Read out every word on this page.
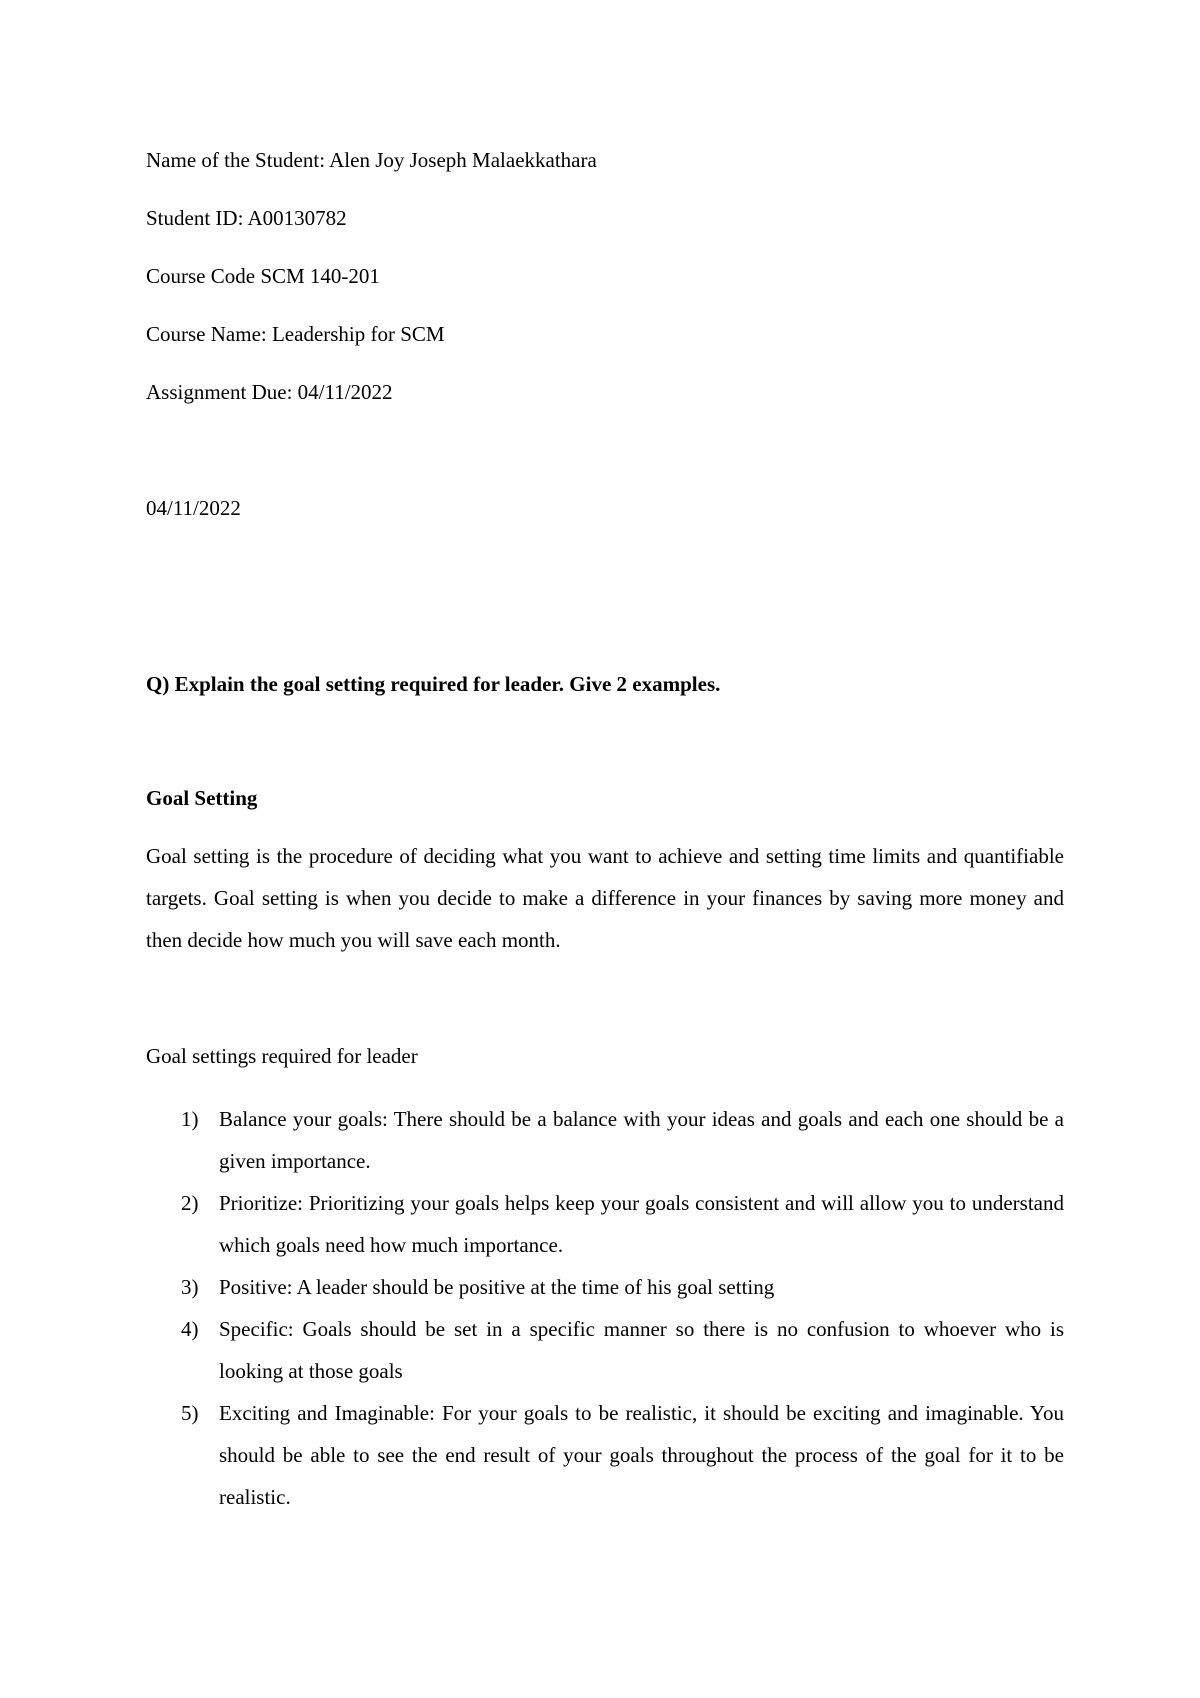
Name of the Student: Alen Joy Joseph Malaekkathara
Student ID: A00130782
Course Code SCM 140-201
Course Name: Leadership for SCM
Assignment Due: 04/11/2022
04/11/2022
Q) Explain the goal setting required for leader. Give 2 examples.
Goal Setting

Goal setting is the procedure of deciding what you want to achieve and setting time limits and quantifiable targets. Goal setting is when you decide to make a difference in your finances by saving more money and then decide how much you will save each month.

Goal settings required for leader
1) Balance your goals: There should be a balance with your ideas and goals and each one should be a given importance.
2) Prioritize: Prioritizing your goals helps keep your goals consistent and will allow you to understand which goals need how much importance.
3) Positive: A leader should be positive at the time of his goal setting
4) Specific: Goals should be set in a specific manner so there is no confusion to whoever who is looking at those goals
5) Exciting and Imaginable: For your goals to be realistic, it should be exciting and imaginable. You should be able to see the end result of your goals throughout the process of the goal for it to be realistic.
